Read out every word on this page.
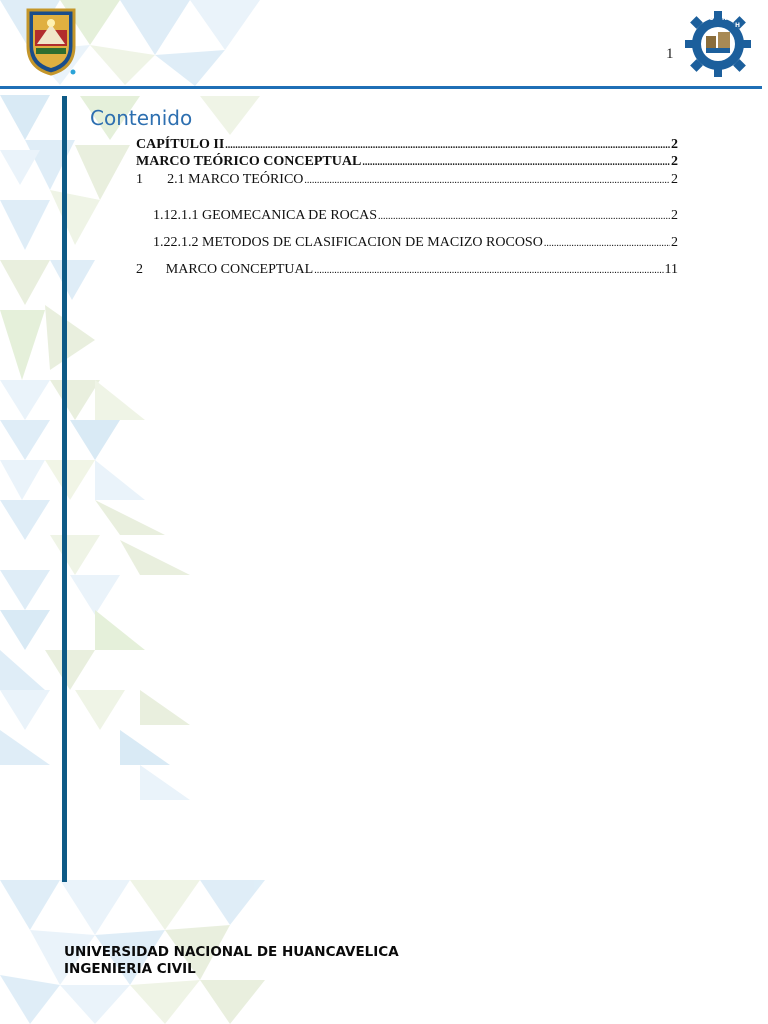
1
U N
H
Contenido
CAPÍTULO II .....	2
MARCO TEÓRICO CONCEPTUAL .....	2
1	2.1 MARCO TEÓRICO .....	2
1.1 2.1.1 GEOMECANICA DE ROCAS .....	2
1.2 2.1.2 METODOS DE CLASIFICACION DE MACIZO ROCOSO .....	2
2	MARCO CONCEPTUAL .....	11
UNIVERSIDAD NACIONAL DE HUANCAVELICA
INGENIERIA CIVIL
